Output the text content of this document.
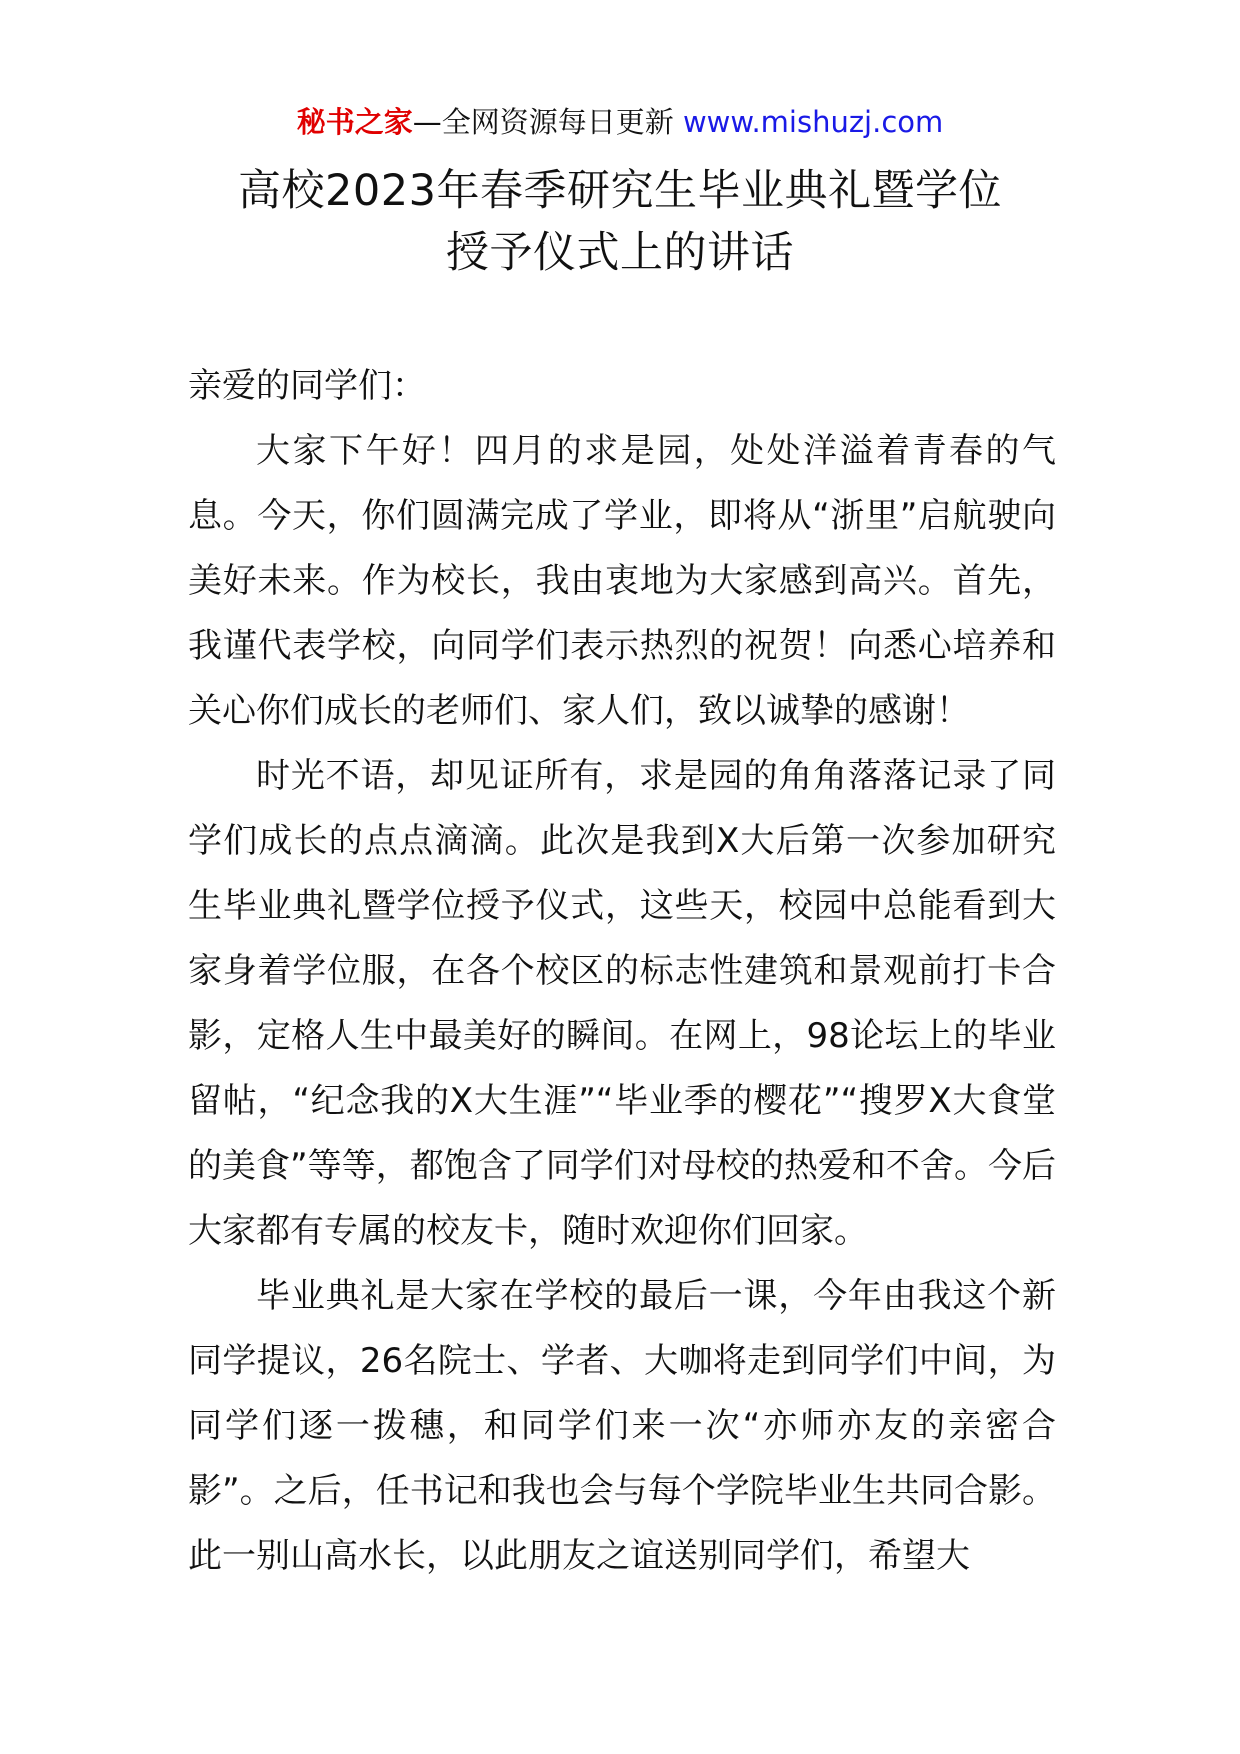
秘书之家—全网资源每日更新 www.mishuzj.com
高校2023年春季研究生毕业典礼暨学位
授予仪式上的讲话

亲爱的同学们：

大家下午好！四月的求是园，处处洋溢着青春的气息。今天，你们圆满完成了学业，即将从“浙里”启航驶向美好未来。作为校长，我由衷地为大家感到高兴。首先，我谨代表学校，向同学们表示热烈的祝贺！向悉心培养和关心你们成长的老师们、家人们，致以诚挚的感谢！

时光不语，却见证所有，求是园的角角落落记录了同学们成长的点点滴滴。此次是我到X大后第一次参加研究生毕业典礼暨学位授予仪式，这些天，校园中总能看到大家身着学位服，在各个校区的标志性建筑和景观前打卡合影，定格人生中最美好的瞬间。在网上，98论坛上的毕业留帖，“纪念我的X大生涯”“毕业季的樱花”“搜罗X大食堂的美食”等等，都饱含了同学们对母校的热爱和不舍。今后大家都有专属的校友卡，随时欢迎你们回家。

毕业典礼是大家在学校的最后一课，今年由我这个新同学提议，26名院士、学者、大咖将走到同学们中间，为同学们逐一拨穗，和同学们来一次“亦师亦友的亲密合影”。之后，任书记和我也会与每个学院毕业生共同合影。此一别山高水长，以此朋友之谊送别同学们，希望大
